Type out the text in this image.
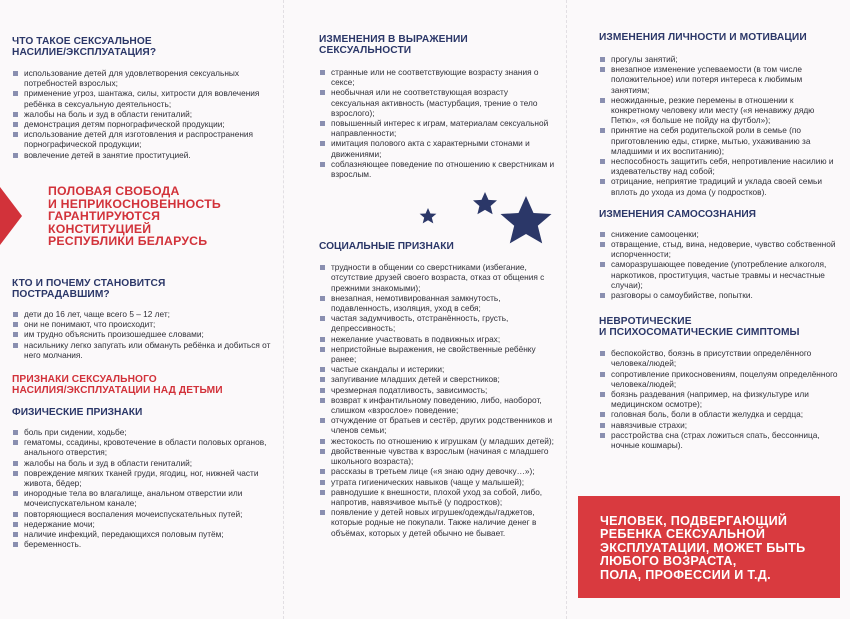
ЧТО ТАКОЕ СЕКСУАЛЬНОЕ
НАСИЛИЕ/ЭКСПЛУАТАЦИЯ?
использование детей для удовлетворения сексуальных потребностей взрослых;
применение угроз, шантажа, силы, хитрости для вовлечения ребёнка в сексуальную деятельность;
жалобы на боль и зуд в области гениталий;
демонстрация детям порнографической продукции;
использование детей для изготовления и распространения порнографической продукции;
вовлечение детей в занятие проституцией.
ПОЛОВАЯ СВОБОДА
И НЕПРИКОСНОВЕННОСТЬ
ГАРАНТИРУЮТСЯ
КОНСТИТУЦИЕЙ
РЕСПУБЛИКИ БЕЛАРУСЬ
КТО И ПОЧЕМУ СТАНОВИТСЯ
ПОСТРАДАВШИМ?
дети до 16 лет, чаще всего 5 – 12 лет;
они не понимают, что происходит;
им трудно объяснить произошедшее словами;
насильнику легко запугать или обмануть ребёнка и добиться от него молчания.
ПРИЗНАКИ СЕКСУАЛЬНОГО
НАСИЛИЯ/ЭКСПЛУАТАЦИИ НАД ДЕТЬМИ
ФИЗИЧЕСКИЕ ПРИЗНАКИ
боль при сидении, ходьбе;
гематомы, ссадины, кровотечение в области половых органов, анального отверстия;
жалобы на боль и зуд в области гениталий;
повреждение мягких тканей груди, ягодиц, ног, нижней части живота, бёдер;
инородные тела во влагалище, анальном отверстии или мочеиспускательном канале;
повторяющиеся воспаления мочеиспускательных путей;
недержание мочи;
наличие инфекций, передающихся половым путём;
беременность.
ИЗМЕНЕНИЯ В ВЫРАЖЕНИИ
СЕКСУАЛЬНОСТИ
странные или не соответствующие возрасту знания о сексе;
необычная или не соответствующая возрасту сексуальная активность (мастурбация, трение о тело взрослого);
повышенный интерес к играм, материалам сексуальной направленности;
имитация полового акта с характерными стонами и движениями;
соблазняющее поведение по отношению к сверстникам и взрослым.
СОЦИАЛЬНЫЕ ПРИЗНАКИ
трудности в общении со сверстниками (избегание, отсутствие друзей своего возраста, отказ от общения с прежними знакомыми);
внезапная, немотивированная замкнутость, подавленность, изоляция, уход в себя;
частая задумчивость, отстранённость, грусть, депрессивность;
нежелание участвовать в подвижных играх;
непристойные выражения, не свойственные ребёнку ранее;
частые скандалы и истерики;
запугивание младших детей и сверстников;
чрезмерная податливость, зависимость;
возврат к инфантильному поведению, либо, наоборот, слишком «взрослое» поведение;
отчуждение от братьев и сестёр, других родственников и членов семьи;
жестокость по отношению к игрушкам (у младших детей);
двойственные чувства к взрослым (начиная с младшего школьного возраста);
рассказы в третьем лице («я знаю одну девочку…»);
утрата гигиенических навыков (чаще у малышей);
равнодушие к внешности, плохой уход за собой, либо, напротив, навязчивое мытьё (у подростков);
появление у детей новых игрушек/одежды/гаджетов, которые родные не покупали. Также наличие денег в объёмах, которых у детей обычно не бывает.
ИЗМЕНЕНИЯ ЛИЧНОСТИ И МОТИВАЦИИ
прогулы занятий;
внезапное изменение успеваемости (в том числе положительное) или потеря интереса к любимым занятиям;
неожиданные, резкие перемены в отношении к конкретному человеку или месту («я ненавижу дядю Петю», «я больше не пойду на футбол»);
принятие на себя родительской роли в семье (по приготовлению еды, стирке, мытью, ухаживанию за младшими и их воспитанию);
неспособность защитить себя, непротивление насилию и издевательству над собой;
отрицание, неприятие традиций и уклада своей семьи вплоть до ухода из дома (у подростков).
ИЗМЕНЕНИЯ САМОСОЗНАНИЯ
снижение самооценки;
отвращение, стыд, вина, недоверие, чувство собственной испорченности;
саморазрушающее поведение (употребление алкоголя, наркотиков, проституция, частые травмы и несчастные случаи);
разговоры о самоубийстве, попытки.
НЕВРОТИЧЕСКИЕ
И ПСИХОСОМАТИЧЕСКИЕ СИМПТОМЫ
беспокойство, боязнь в присутствии определённого человека/людей;
сопротивление прикосновениям, поцелуям определённого человека/людей;
боязнь раздевания (например, на физкультуре или медицинском осмотре);
головная боль, боли в области желудка и сердца;
навязчивые страхи;
расстройства сна (страх ложиться спать, бессонница, ночные кошмары).
ЧЕЛОВЕК, ПОДВЕРГАЮЩИЙ
РЕБЕНКА СЕКСУАЛЬНОЙ
ЭКСПЛУАТАЦИИ, МОЖЕТ БЫТЬ
ЛЮБОГО ВОЗРАСТА,
ПОЛА, ПРОФЕССИИ И Т.Д.
